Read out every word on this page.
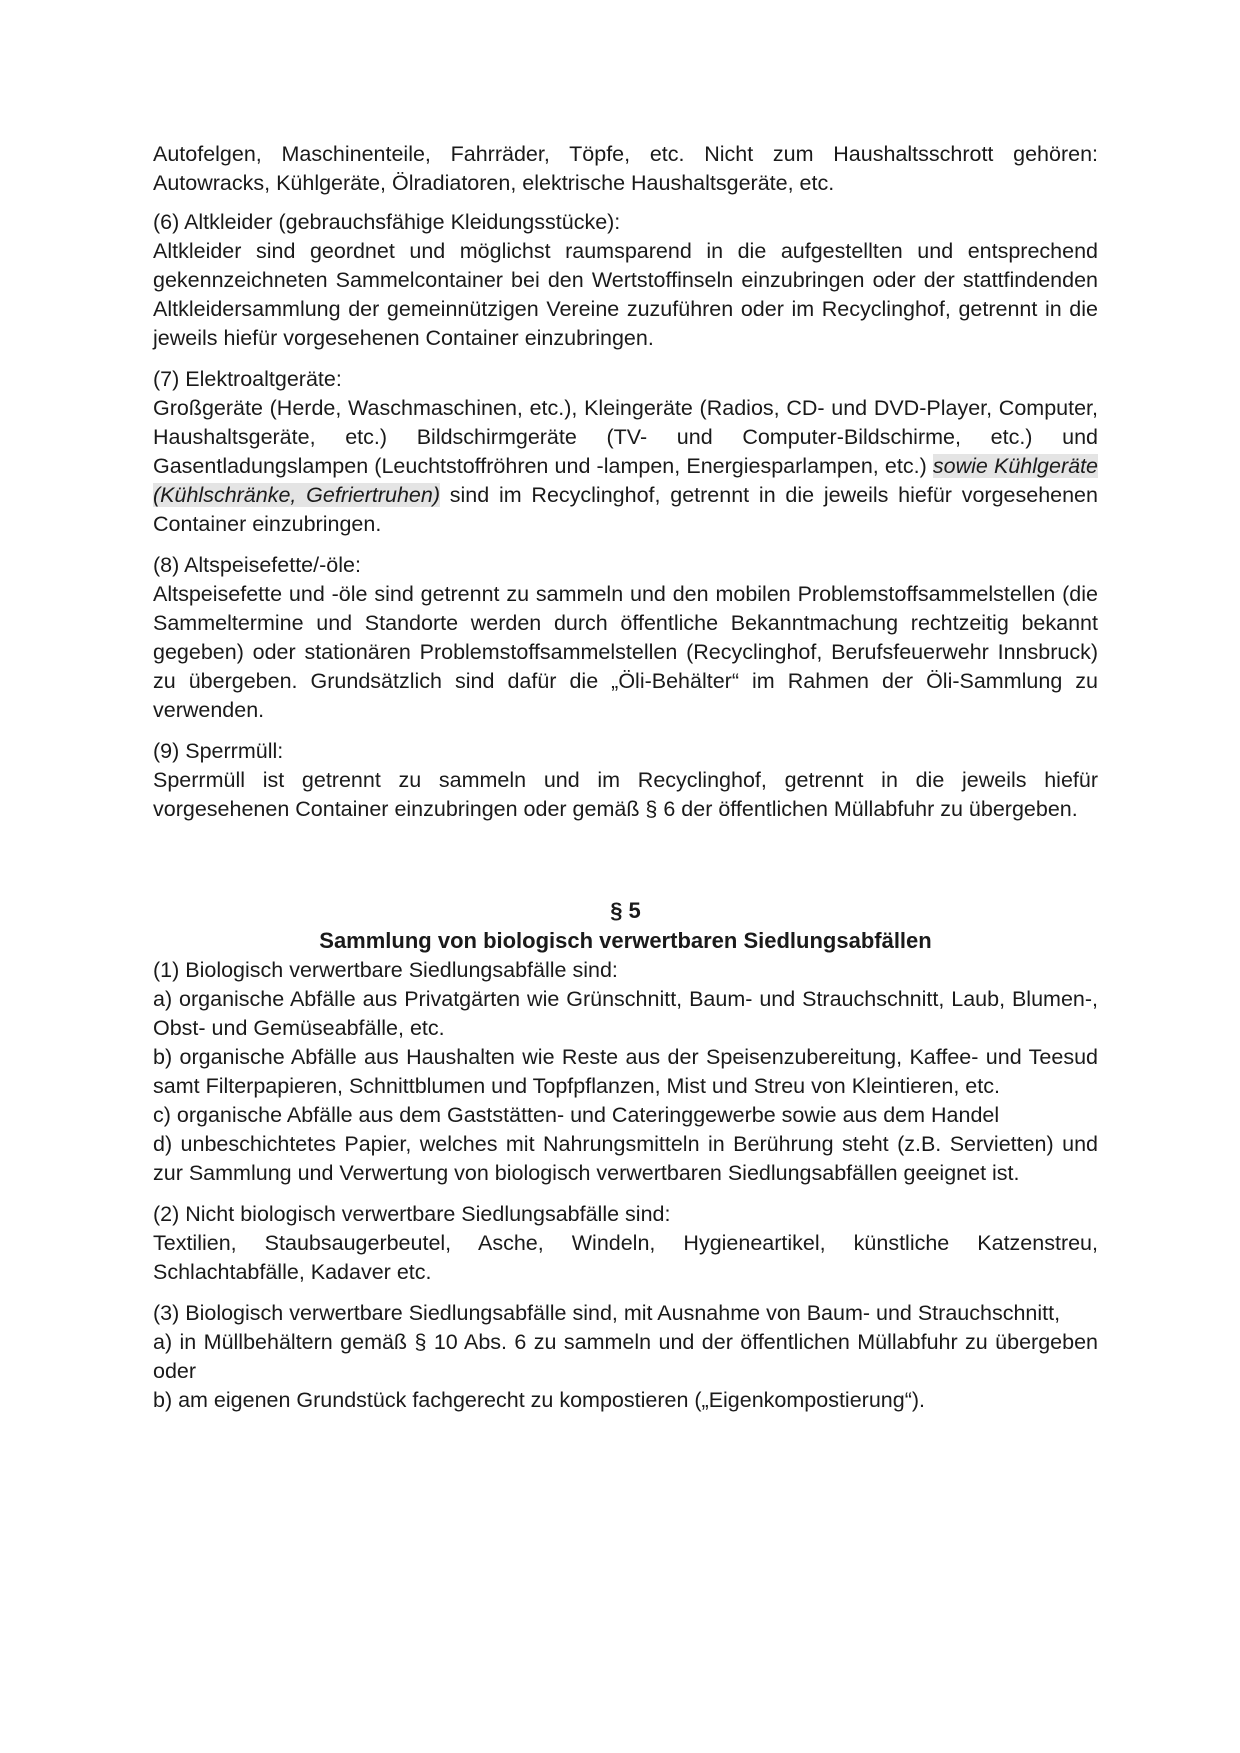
Autofelgen, Maschinenteile, Fahrräder, Töpfe, etc. Nicht zum Haushaltsschrott gehören: Autowracks, Kühlgeräte, Ölradiatoren, elektrische Haushaltsgeräte, etc.

(6) Altkleider (gebrauchsfähige Kleidungsstücke):

Altkleider sind geordnet und möglichst raumsparend in die aufgestellten und entsprechend gekennzeichneten Sammelcontainer bei den Wertstoffinseln einzubringen oder der stattfindenden Altkleidersammlung der gemeinnützigen Vereine zuzuführen oder im Recyclinghof, getrennt in die jeweils hiefür vorgesehenen Container einzubringen.

(7) Elektroaltgeräte:

Großgeräte (Herde, Waschmaschinen, etc.), Kleingeräte (Radios, CD- und DVD-Player, Computer, Haushaltsgeräte, etc.) Bildschirmgeräte (TV- und Computer-Bildschirme, etc.) und Gasentladungslampen (Leuchtstoffröhren und -lampen, Energiesparlampen, etc.) sowie Kühlgeräte (Kühlschränke, Gefriertruhen) sind im Recyclinghof, getrennt in die jeweils hiefür vorgesehenen Container einzubringen.

(8) Altspeisefette/-öle:

Altspeisefette und -öle sind getrennt zu sammeln und den mobilen Problemstoffsammelstellen (die Sammeltermine und Standorte werden durch öffentliche Bekanntmachung rechtzeitig bekannt gegeben) oder stationären Problemstoffsammelstellen (Recyclinghof, Berufsfeuerwehr Innsbruck) zu übergeben. Grundsätzlich sind dafür die „Öli-Behälter“ im Rahmen der Öli-Sammlung zu verwenden.

(9) Sperrmüll:

Sperrmüll ist getrennt zu sammeln und im Recyclinghof, getrennt in die jeweils hiefür vorgesehenen Container einzubringen oder gemäß § 6 der öffentlichen Müllabfuhr zu übergeben.

§ 5
Sammlung von biologisch verwertbaren Siedlungsabfällen
(1) Biologisch verwertbare Siedlungsabfälle sind:

a) organische Abfälle aus Privatgärten wie Grünschnitt, Baum- und Strauchschnitt, Laub, Blumen-, Obst- und Gemüseabfälle, etc.

b) organische Abfälle aus Haushalten wie Reste aus der Speisenzubereitung, Kaffee- und Teesud samt Filterpapieren, Schnittblumen und Topfpflanzen, Mist und Streu von Kleintieren, etc.

c) organische Abfälle aus dem Gaststätten- und Cateringgewerbe sowie aus dem Handel

d) unbeschichtetes Papier, welches mit Nahrungsmitteln in Berührung steht (z.B. Servietten) und zur Sammlung und Verwertung von biologisch verwertbaren Siedlungsabfällen geeignet ist.

(2) Nicht biologisch verwertbare Siedlungsabfälle sind:

Textilien, Staubsaugerbeutel, Asche, Windeln, Hygieneartikel, künstliche Katzenstreu, Schlachtabfälle, Kadaver etc.

(3) Biologisch verwertbare Siedlungsabfälle sind, mit Ausnahme von Baum- und Strauchschnitt,

a) in Müllbehältern gemäß § 10 Abs. 6 zu sammeln und der öffentlichen Müllabfuhr zu übergeben oder

b) am eigenen Grundstück fachgerecht zu kompostieren („Eigenkompostierung“).
